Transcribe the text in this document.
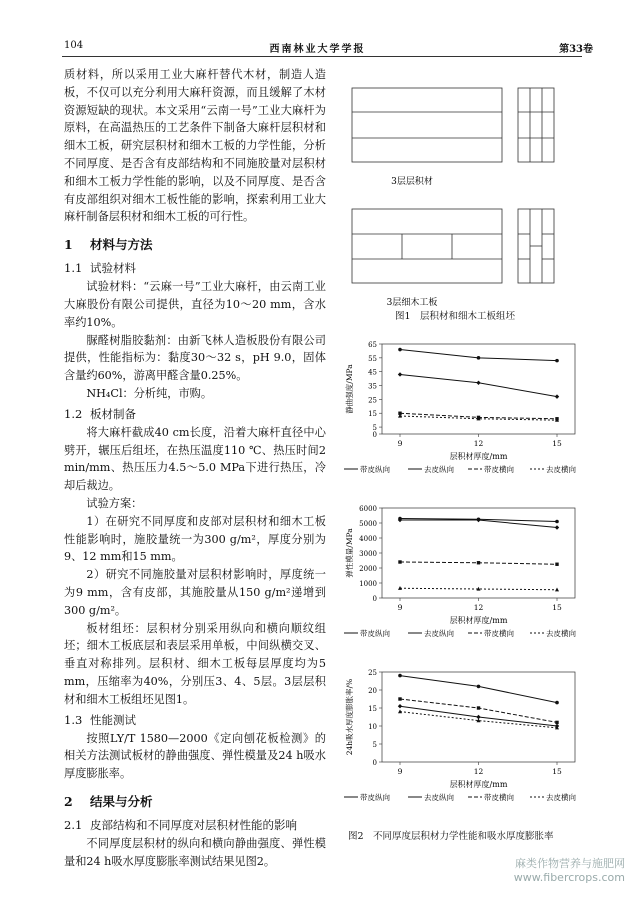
104	西南林业大学学报	第33卷

质材料，所以采用工业大麻杆替代木材，制造人造板，不仅可以充分利用大麻秆资源，而且缓解了木材资源短缺的现状。本文采用“云南一号”工业大麻杆为原料，在高温热压的工艺条件下制备大麻杆层积材和细木工板，研究层积材和细木工板的力学性能，分析不同厚度、是否含有皮部结构和不同施胶量对层积材和细木工板力学性能的影响，以及不同厚度、是否含有皮部组织对细木工板性能的影响，探索利用工业大麻杆制备层积材和细木工板的可行性。

1 材料与方法
1.1 试验材料

试验材料：“云麻一号”工业大麻杆，由云南工业大麻股份有限公司提供，直径为10～20 mm，含水率约10%。

脲醛树脂胶黏剂：由新飞林人造板股份有限公司提供，性能指标为：黏度30～32 s，pH 9.0，固体含量约60%，游离甲醛含量0.25%。

NH₄Cl：分析纯，市购。

1.2 板材制备

将大麻杆截成40 cm长度，沿着大麻杆直径中心劈开，辗压后组坯，在热压温度110 ℃、热压时间2 min/mm、热压压力4.5～5.0 MPa下进行热压，冷却后裁边。

试验方案：

1）在研究不同厚度和皮部对层积材和细木工板性能影响时，施胶量统一为300 g/m²，厚度分别为9、12 mm和15 mm。

2）研究不同施胶量对层积材影响时，厚度统一为9 mm，含有皮部，其施胶量从150 g/m²递增到300 g/m²。

板材组坯：层积材分别采用纵向和横向顺纹组坯；细木工板底层和表层采用单板，中间纵横交叉、垂直对称排列。层积材、细木工板每层厚度均为5 mm，压缩率为40%，分别压3、4、5层。3层层积材和细木工板组坯见图1。

1.3 性能测试

按照LY/T 1580—2000《定向刨花板检测》的相关方法测试板材的静曲强度、弹性模量及24 h吸水厚度膨胀率。

2 结果与分析
2.1 皮部结构和不同厚度对层积材性能的影响

不同厚度层积材的纵向和横向静曲强度、弹性模量和24 h吸水厚度膨胀率测试结果见图2。

3层层积材
3层细木工板
图1　层积材和细木工板组坯
0
5
15
25
35
45
55
65
9	12	15
层积材厚度/mm
静曲强度/MPa
带皮纵向	去皮纵向	带皮横向	去皮横向

0
1000
2000
3000
4000
5000
6000
9	12	15
层积材厚度/mm
弹性模量/MPa
带皮纵向	去皮纵向	带皮横向	去皮横向

0
5
10
15
20
25
9	12	15
层积材厚度/mm
24h吸水厚度膨胀率/%
带皮纵向	去皮纵向	带皮横向	去皮横向
图2　不同厚度层积材力学性能和吸水厚度膨胀率
麻类作物营养与施肥网
www.fibercrops.com
